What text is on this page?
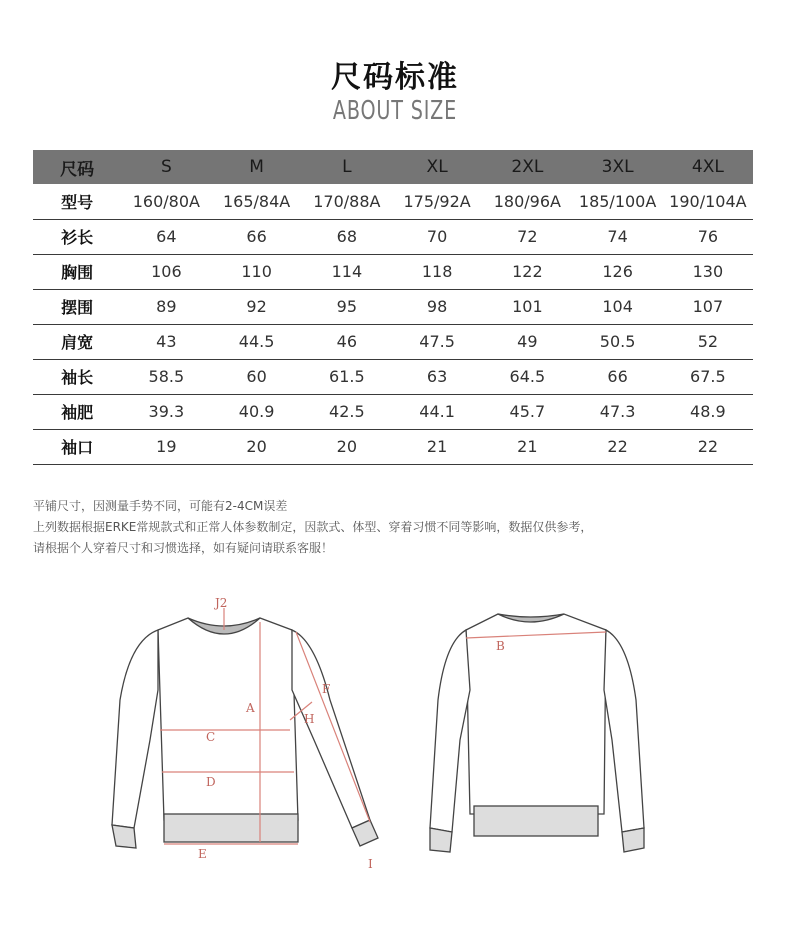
尺码标准
ABOUT SIZE
尺码	S	M	L	XL	2XL	3XL	4XL
型号	160/80A	165/84A	170/88A	175/92A	180/96A	185/100A	190/104A
衫长	64	66	68	70	72	74	76
胸围	106	110	114	118	122	126	130
摆围	89	92	95	98	101	104	107
肩宽	43	44.5	46	47.5	49	50.5	52
袖长	58.5	60	61.5	63	64.5	66	67.5
袖肥	39.3	40.9	42.5	44.1	45.7	47.3	48.9
袖口	19	20	20	21	21	22	22
平铺尺寸，因测量手势不同，可能有2-4CM误差
上列数据根据ERKE常规款式和正常人体参数制定，因款式、体型、穿着习惯不同等影响，数据仅供参考，
请根据个人穿着尺寸和习惯选择，如有疑问请联系客服！
J2
A
C
D
E
F
H
I
B
